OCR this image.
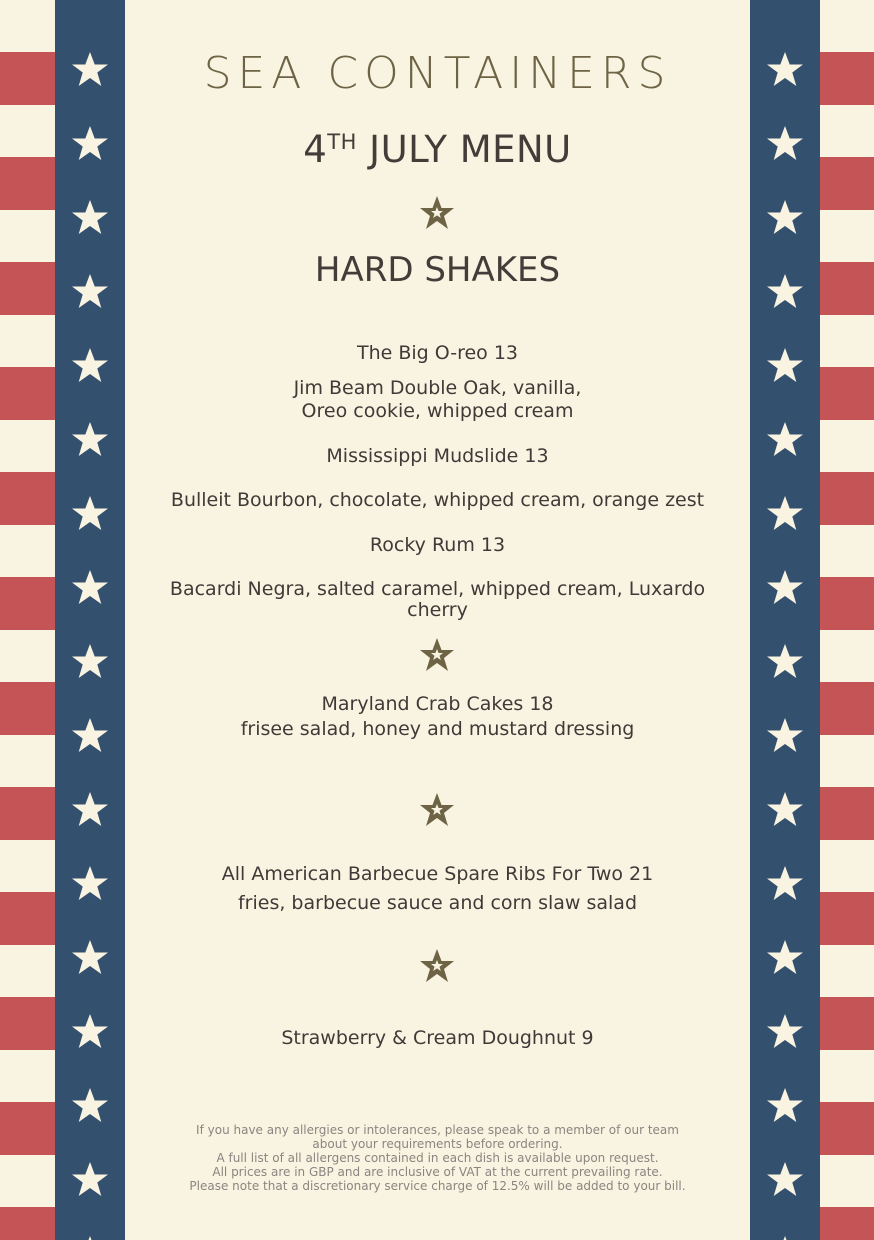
SEA CONTAINERS
4TH JULY MENU
HARD SHAKES
The Big O-reo 13
Jim Beam Double Oak, vanilla,
Oreo cookie, whipped cream
Mississippi Mudslide 13
Bulleit Bourbon, chocolate, whipped cream, orange zest
Rocky Rum 13
Bacardi Negra, salted caramel, whipped cream, Luxardo
cherry
Maryland Crab Cakes 18
frisee salad, honey and mustard dressing
All American Barbecue Spare Ribs For Two 21
fries, barbecue sauce and corn slaw salad
Strawberry & Cream Doughnut 9
If you have any allergies or intolerances, please speak to a member of our team
about your requirements before ordering.
A full list of all allergens contained in each dish is available upon request.
All prices are in GBP and are inclusive of VAT at the current prevailing rate.
Please note that a discretionary service charge of 12.5% will be added to your bill.
